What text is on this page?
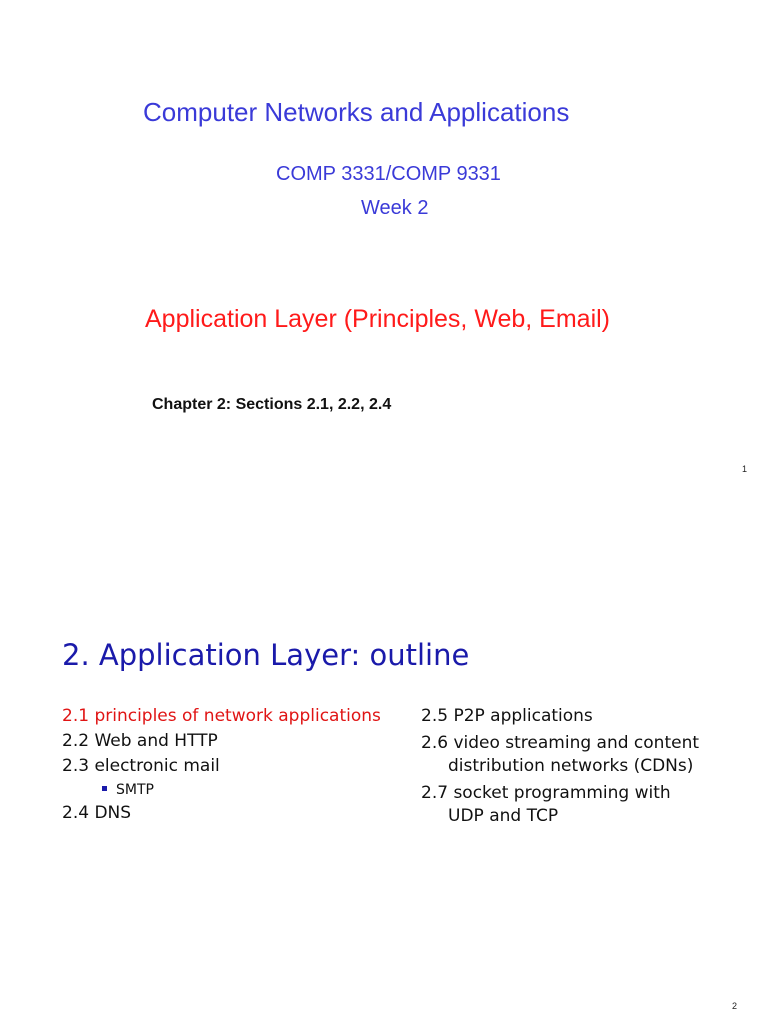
Computer Networks and Applications
COMP 3331/COMP 9331
Week 2
Application Layer (Principles, Web, Email)
Chapter 2: Sections 2.1, 2.2, 2.4
1
2. Application Layer: outline
2.1 principles of network applications
2.2 Web and HTTP
2.3 electronic mail
SMTP
2.4 DNS
2.5 P2P applications
2.6 video streaming and content
distribution networks (CDNs)
2.7 socket programming with
UDP and TCP
2
